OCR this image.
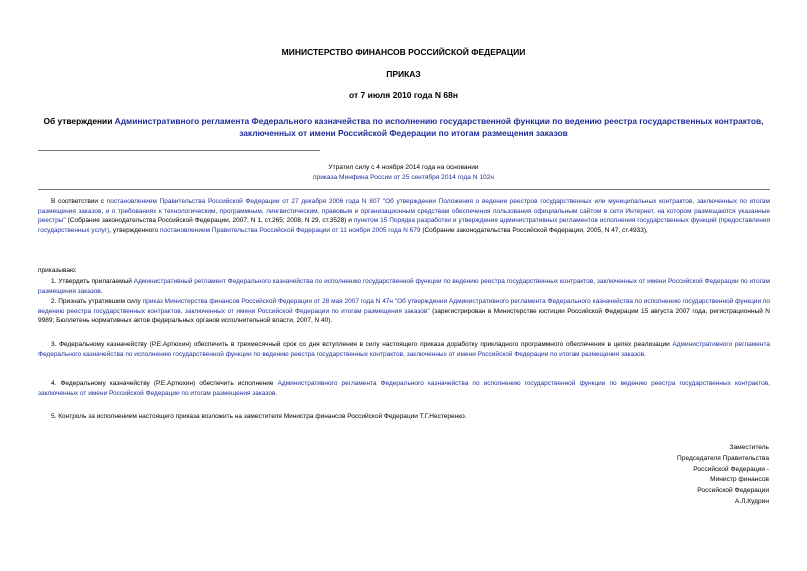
МИНИСТЕРСТВО ФИНАНСОВ РОССИЙСКОЙ ФЕДЕРАЦИИ
ПРИКАЗ
от 7 июля 2010 года N 68н
Об утверждении Административного регламента Федерального казначейства по исполнению государственной функции по ведению реестра государственных контрактов, заключенных от имени Российской Федерации по итогам размещения заказов
Утратил силу с 4 ноября 2014 года на основании
приказа Минфина России от 25 сентября 2014 года N 102н

В соответствии с постановлением Правительства Российской Федерации от 27 декабря 2006 года N 807 "Об утверждении Положения о ведении реестров государственных или муниципальных контрактов, заключенных по итогам размещения заказов, и о требованиях к технологическим, программным, лингвистическим, правовым и организационным средствам обеспечения пользования официальным сайтом в сети Интернет, на котором размещаются указанные реестры" (Собрание законодательства Российской Федерации, 2007, N 1, ст.265; 2008, N 29, ст.3528) и пунктом 15 Порядка разработки и утверждения административных регламентов исполнения государственных функций (предоставления государственных услуг), утвержденного постановлением Правительства Российской Федерации от 11 ноября 2005 года N 679 (Собрание законодательства Российской Федерации, 2005, N 47, ст.4933),

приказываю:

1. Утвердить прилагаемый Административный регламент Федерального казначейства по исполнению государственной функции по ведению реестра государственных контрактов, заключенных от имени Российской Федерации по итогам размещения заказов.

2. Признать утратившим силу приказ Министерства финансов Российской Федерации от 28 мая 2007 года N 47н "Об утверждении Административного регламента Федерального казначейства по исполнению государственной функции по ведению реестра государственных контрактов, заключенных от имени Российской Федерации по итогам размещения заказов" (зарегистрирован в Министерстве юстиции Российской Федерации 15 августа 2007 года, регистрационный N 9989; Бюллетень нормативных актов федеральных органов исполнительной власти, 2007, N 40).

3. Федеральному казначейству (Р.Е.Артюхин) обеспечить в трехмесячный срок со дня вступления в силу настоящего приказа доработку прикладного программного обеспечения в целях реализации Административного регламента Федерального казначейства по исполнению государственной функции по ведению реестра государственных контрактов, заключенных от имени Российской Федерации по итогам размещения заказов.

4. Федеральному казначейству (Р.Е.Артюхин) обеспечить исполнение Административного регламента Федерального казначейства по исполнению государственной функции по ведению реестра государственных контрактов, заключенных от имени Российской Федерации по итогам размещения заказов.

5. Контроль за исполнением настоящего приказа возложить на заместителя Министра финансов Российской Федерации Т.Г.Нестеренко.

Заместитель
Председателя Правительства
Российской Федерации -
Министр финансов
Российской Федерации
А.Л.Кудрин
